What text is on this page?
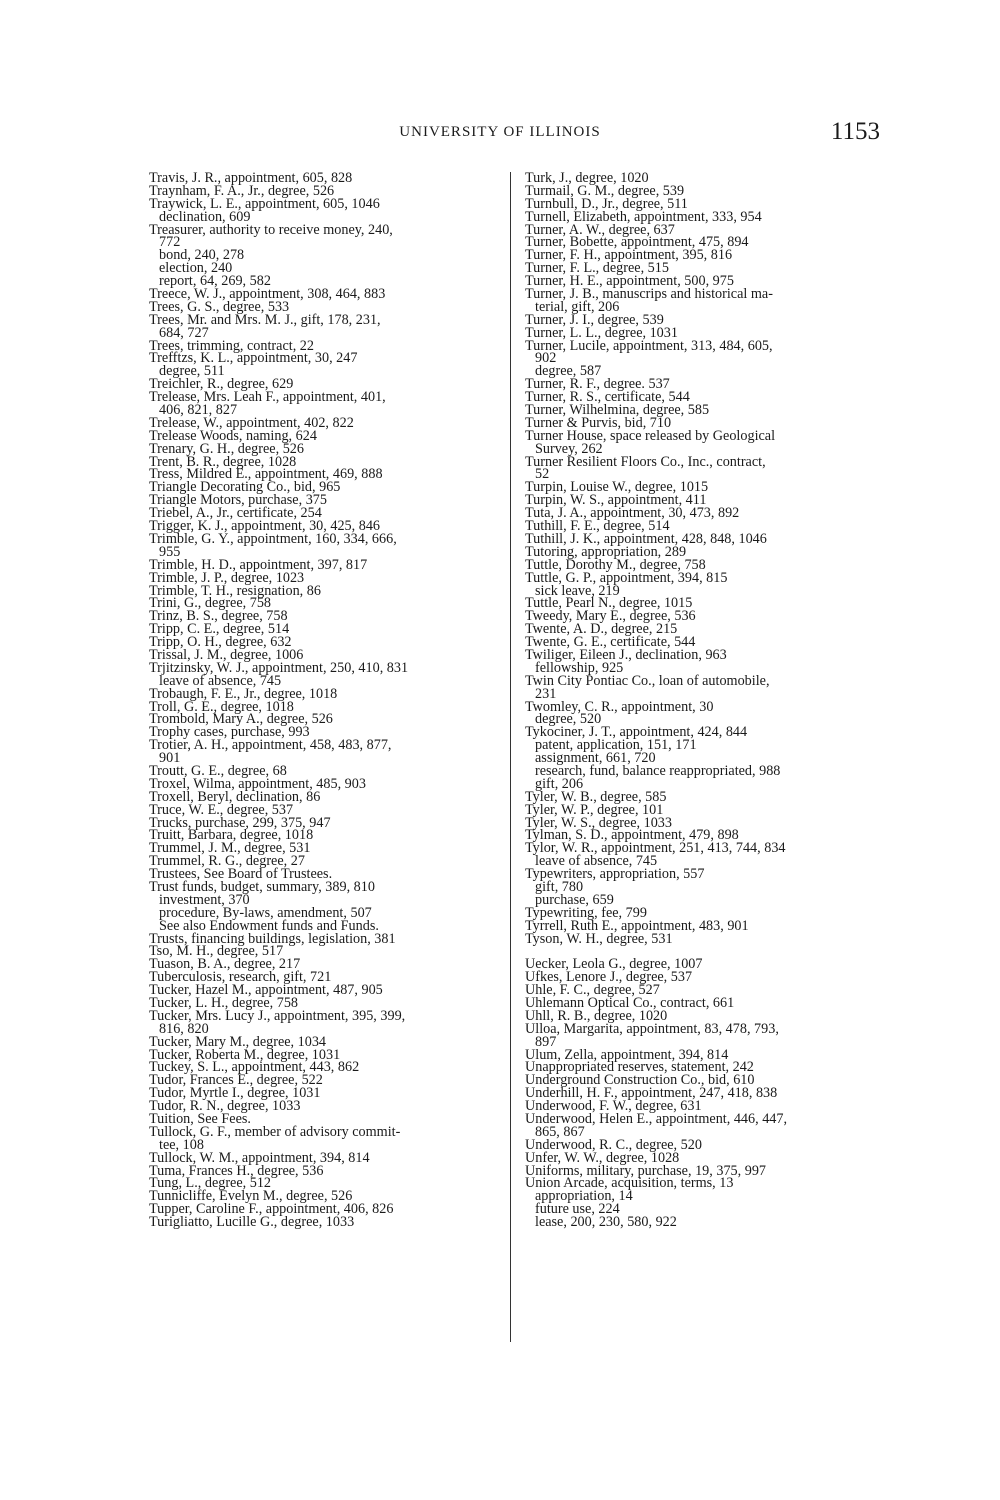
UNIVERSITY OF ILLINOIS	1153
Travis, J. R., appointment, 605, 828
Traynham, F. A., Jr., degree, 526
Traywick, L. E., appointment, 605, 1046
declination, 609
Treasurer, authority to receive money, 240,
772
bond, 240, 278
election, 240
report, 64, 269, 582
Treece, W. J., appointment, 308, 464, 883
Trees, G. S., degree, 533
Trees, Mr. and Mrs. M. J., gift, 178, 231,
684, 727
Trees, trimming, contract, 22
Trefftzs, K. L., appointment, 30, 247
degree, 511
Treichler, R., degree, 629
Trelease, Mrs. Leah F., appointment, 401,
406, 821, 827
Trelease, W., appointment, 402, 822
Trelease Woods, naming, 624
Trenary, G. H., degree, 526
Trent, B. R., degree, 1028
Tress, Mildred E., appointment, 469, 888
Triangle Decorating Co., bid, 965
Triangle Motors, purchase, 375
Triebel, A., Jr., certificate, 254
Trigger, K. J., appointment, 30, 425, 846
Trimble, G. Y., appointment, 160, 334, 666,
955
Trimble, H. D., appointment, 397, 817
Trimble, J. P., degree, 1023
Trimble, T. H., resignation, 86
Trini, G., degree, 758
Trinz, B. S., degree, 758
Tripp, C. E., degree, 514
Tripp, O. H., degree, 632
Trissal, J. M., degree, 1006
Trjitzinsky, W. J., appointment, 250, 410, 831
leave of absence, 745
Trobaugh, F. E., Jr., degree, 1018
Troll, G. E., degree, 1018
Trombold, Mary A., degree, 526
Trophy cases, purchase, 993
Trotier, A. H., appointment, 458, 483, 877,
901
Troutt, G. E., degree, 68
Troxel, Wilma, appointment, 485, 903
Troxell, Beryl, declination, 86
Truce, W. E., degree, 537
Trucks, purchase, 299, 375, 947
Truitt, Barbara, degree, 1018
Trummel, J. M., degree, 531
Trummel, R. G., degree, 27
Trustees, See Board of Trustees.
Trust funds, budget, summary, 389, 810
investment, 370
procedure, By-laws, amendment, 507
See also Endowment funds and Funds.
Trusts, financing buildings, legislation, 381
Tso, M. H., degree, 517
Tuason, B. A., degree, 217
Tuberculosis, research, gift, 721
Tucker, Hazel M., appointment, 487, 905
Tucker, L. H., degree, 758
Tucker, Mrs. Lucy J., appointment, 395, 399,
816, 820
Tucker, Mary M., degree, 1034
Tucker, Roberta M., degree, 1031
Tuckey, S. L., appointment, 443, 862
Tudor, Frances E., degree, 522
Tudor, Myrtle I., degree, 1031
Tudor, R. N., degree, 1033
Tuition, See Fees.
Tullock, G. F., member of advisory commit-
tee, 108
Tullock, W. M., appointment, 394, 814
Tuma, Frances H., degree, 536
Tung, L., degree, 512
Tunnicliffe, Evelyn M., degree, 526
Tupper, Caroline F., appointment, 406, 826
Turigliatto, Lucille G., degree, 1033
Turk, J., degree, 1020
Turmail, G. M., degree, 539
Turnbull, D., Jr., degree, 511
Turnell, Elizabeth, appointment, 333, 954
Turner, A. W., degree, 637
Turner, Bobette, appointment, 475, 894
Turner, F. H., appointment, 395, 816
Turner, F. L., degree, 515
Turner, H. E., appointment, 500, 975
Turner, J. B., manuscrips and historical ma-
terial, gift, 206
Turner, J. I., degree, 539
Turner, L. L., degree, 1031
Turner, Lucile, appointment, 313, 484, 605,
902
degree, 587
Turner, R. F., degree. 537
Turner, R. S., certificate, 544
Turner, Wilhelmina, degree, 585
Turner & Purvis, bid, 710
Turner House, space released by Geological
Survey, 262
Turner Resilient Floors Co., Inc., contract,
52
Turpin, Louise W., degree, 1015
Turpin, W. S., appointment, 411
Tuta, J. A., appointment, 30, 473, 892
Tuthill, F. E., degree, 514
Tuthill, J. K., appointment, 428, 848, 1046
Tutoring, appropriation, 289
Tuttle, Dorothy M., degree, 758
Tuttle, G. P., appointment, 394, 815
sick leave, 219
Tuttle, Pearl N., degree, 1015
Tweedy, Mary E., degree, 536
Twente, A. D., degree, 215
Twente, G. E., certificate, 544
Twiliger, Eileen J., declination, 963
fellowship, 925
Twin City Pontiac Co., loan of automobile,
231
Twomley, C. R., appointment, 30
degree, 520
Tykociner, J. T., appointment, 424, 844
patent, application, 151, 171
assignment, 661, 720
research, fund, balance reappropriated, 988
gift, 206
Tyler, W. B., degree, 585
Tyler, W. P., degree, 101
Tyler, W. S., degree, 1033
Tylman, S. D., appointment, 479, 898
Tylor, W. R., appointment, 251, 413, 744, 834
leave of absence, 745
Typewriters, appropriation, 557
gift, 780
purchase, 659
Typewriting, fee, 799
Tyrrell, Ruth E., appointment, 483, 901
Tyson, W. H., degree, 531
Uecker, Leola G., degree, 1007
Ufkes, Lenore J., degree, 537
Uhle, F. C., degree, 527
Uhlemann Optical Co., contract, 661
Uhll, R. B., degree, 1020
Ulloa, Margarita, appointment, 83, 478, 793,
897
Ulum, Zella, appointment, 394, 814
Unappropriated reserves, statement, 242
Underground Construction Co., bid, 610
Underhill, H. F., appointment, 247, 418, 838
Underwood, F. W., degree, 631
Underwood, Helen E., appointment, 446, 447,
865, 867
Underwood, R. C., degree, 520
Unfer, W. W., degree, 1028
Uniforms, military, purchase, 19, 375, 997
Union Arcade, acquisition, terms, 13
appropriation, 14
future use, 224
lease, 200, 230, 580, 922
